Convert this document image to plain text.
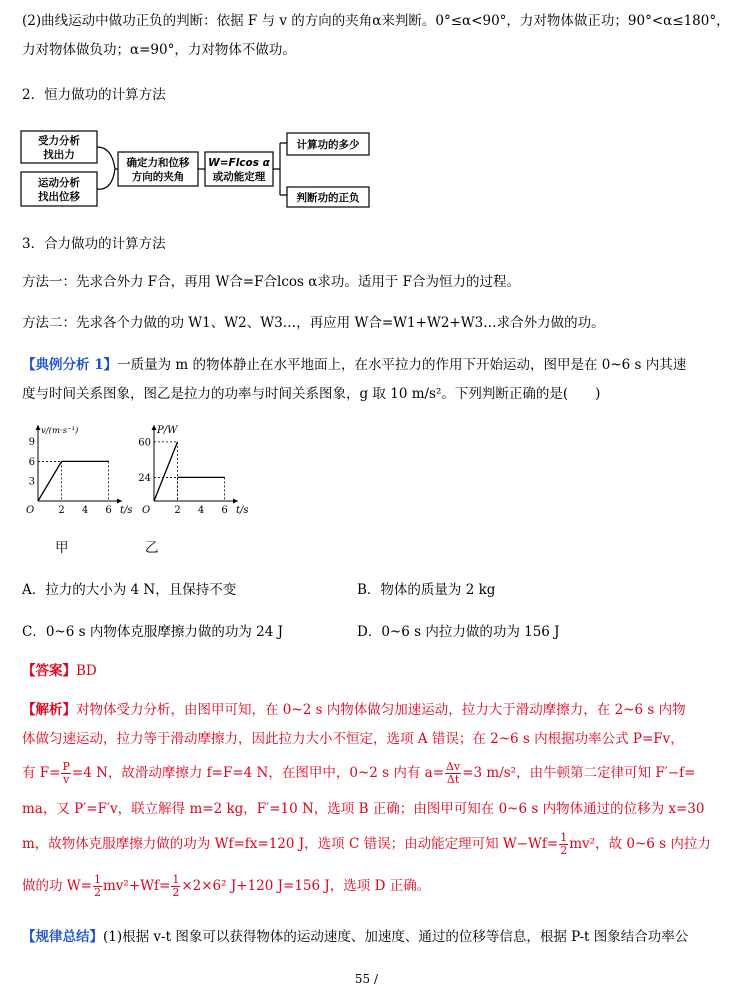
(2)曲线运动中做功正负的判断：依据 F 与 v 的方向的夹角α来判断。0°≤α<90°，力对物体做正功；90°<α≤180°，
力对物体做负功；α=90°，力对物体不做功。
2．恒力做功的计算方法
受力分析
找出力
运动分析
找出位移
确定力和位移
方向的夹角
W=Flcos α
或动能定理
计算功的多少
判断功的正负
3．合力做功的计算方法
方法一：先求合外力 F合，再用 W合=F合lcos α求功。适用于 F合为恒力的过程。
方法二：先求各个力做的功 W1、W2、W3…，再应用 W合=W1+W2+W3…求合外力做的功。
【典例分析 1】一质量为 m 的物体静止在水平地面上，在水平拉力的作用下开始运动，图甲是在 0~6 s 内其速
度与时间关系图象，图乙是拉力的功率与时间关系图象，g 取 10 m/s²。下列判断正确的是(　　)
O
v/(m·s⁻¹)
t/s
2 4 6
9
6
3
O
P/W
t/s
2 4 6
60
24
甲	乙
A．拉力的大小为 4 N，且保持不变	B．物体的质量为 2 kg
C．0~6 s 内物体克服摩擦力做的功为 24 J	D．0~6 s 内拉力做的功为 156 J
【答案】BD
【解析】对物体受力分析，由图甲可知，在 0~2 s 内物体做匀加速运动，拉力大于滑动摩擦力，在 2~6 s 内物
体做匀速运动，拉力等于滑动摩擦力，因此拉力大小不恒定，选项 A 错误；在 2~6 s 内根据功率公式 P=Fv，
有 $F= \frac{P}{v} =4$ N，故滑动摩擦力 f=F=4 N，在图甲中，0~2 s 内有 $a= \frac{\Delta v}{\Delta t} =3$ m/s²，由牛顿第二定律可知 F′−f=
ma，又 P′=F′v，联立解得 m=2 kg，F′=10 N，选项 B 正确；由图甲可知在 0~6 s 内物体通过的位移为 x=30
m，故物体克服摩擦力做的功为 Wf=fx=120 J，选项 C 错误；由动能定理可知 $W-Wf= \frac{1}{2} mv^2$，故 0~6 s 内拉力
做的功 $W= \frac{1}{2} mv^2+Wf= \frac{1}{2} \times 2\times 6^2$ J+120 J=156 J，选项 D 正确。
【规律总结】(1)根据 v-t 图象可以获得物体的运动速度、加速度、通过的位移等信息，根据 P-t 图象结合功率公
55 /
